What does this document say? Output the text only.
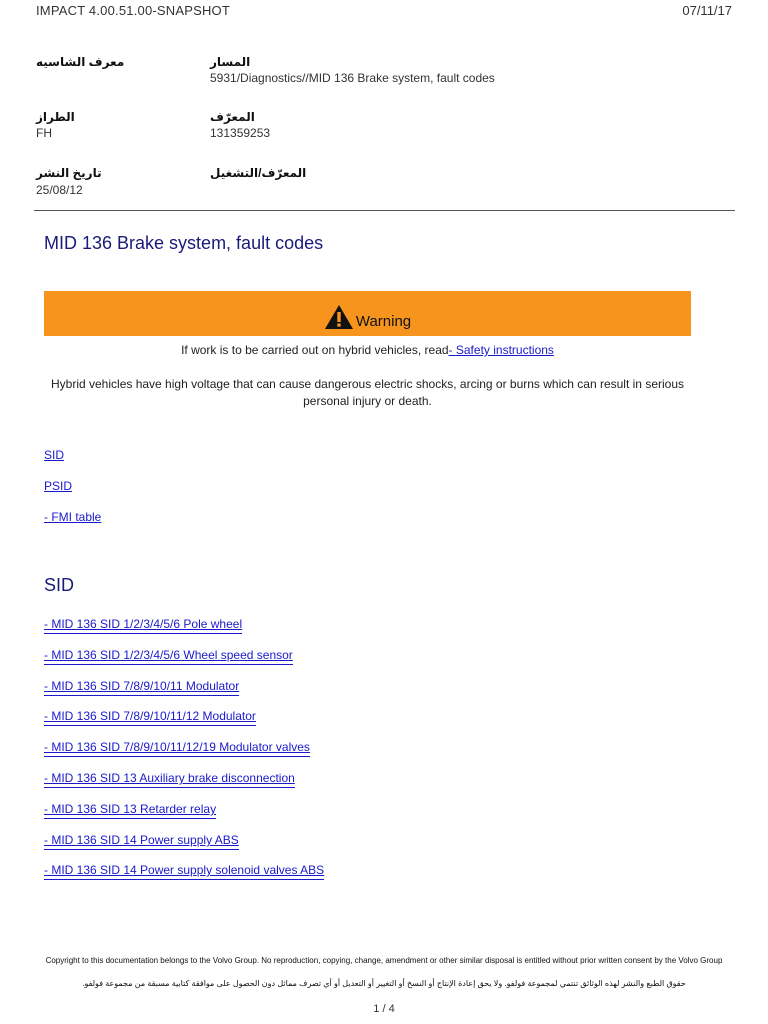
IMPACT 4.00.51.00-SNAPSHOT	07/11/17
معرف الشاسيه	المسار
5931/Diagnostics//MID 136 Brake system, fault codes
الطراز
FH
المعرّف
131359253
تاريخ النشر
25/08/12
المعرّف/التشغيل
MID 136 Brake system, fault codes
Warning
If work is to be carried out on hybrid vehicles, read- Safety instructions
Hybrid vehicles have high voltage that can cause dangerous electric shocks, arcing or burns which can result in serious personal injury or death.
SID
PSID
- FMI table
SID
- MID 136 SID 1/2/3/4/5/6 Pole wheel
- MID 136 SID 1/2/3/4/5/6 Wheel speed sensor
- MID 136 SID 7/8/9/10/11 Modulator
- MID 136 SID 7/8/9/10/11/12 Modulator
- MID 136 SID 7/8/9/10/11/12/19 Modulator valves
- MID 136 SID 13 Auxiliary brake disconnection
- MID 136 SID 13 Retarder relay
- MID 136 SID 14 Power supply ABS
- MID 136 SID 14 Power supply solenoid valves ABS
Copyright to this documentation belongs to the Volvo Group. No reproduction, copying, change, amendment or other similar disposal is entitled without prior written consent by the Volvo Group
حقوق الطبع والنشر لهذه الوثائق تنتمي لمجموعة فولفو. ولا يحق إعادة الإنتاج أو النسخ أو التغيير أو التعديل أو أي تصرف مماثل دون الحصول على موافقة كتابية مسبقة من مجموعة فولفو.
1 / 4
